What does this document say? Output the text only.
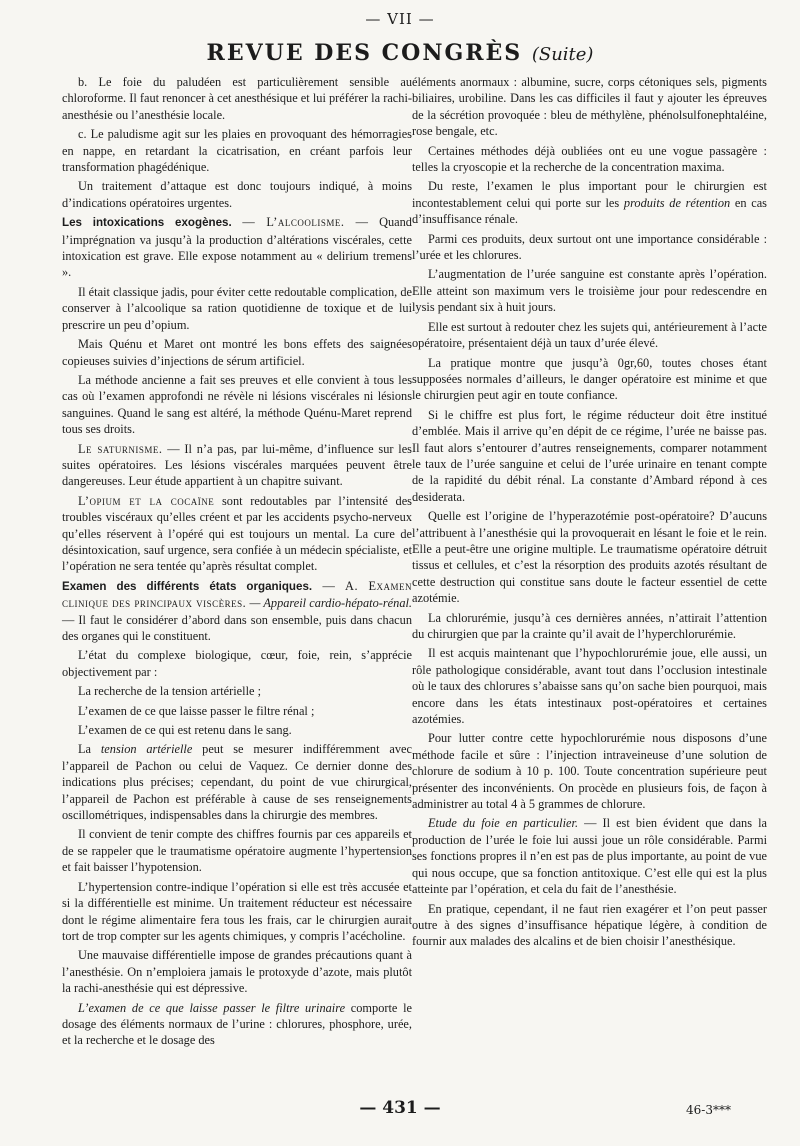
— VII —
REVUE DES CONGRÈS (Suite)

b. Le foie du paludéen est particulièrement sensible au chloroforme. Il faut renoncer à cet anesthésique et lui préférer la rachi-anesthésie ou l’anesthésie locale.

c. Le paludisme agit sur les plaies en provoquant des hémorragies en nappe, en retardant la cicatrisation, en créant parfois leur transformation phagédénique.

Un traitement d’attaque est donc toujours indiqué, à moins d’indications opératoires urgentes.

Les intoxications exogènes. — L’alcoolisme. — Quand l’imprégnation va jusqu’à la production d’altérations viscérales, cette intoxication est grave. Elle expose notamment au « delirium tremens ».

Il était classique jadis, pour éviter cette redoutable complication, de conserver à l’alcoolique sa ration quotidienne de toxique et de lui prescrire un peu d’opium.

Mais Quénu et Maret ont montré les bons effets des saignées copieuses suivies d’injections de sérum artificiel.

La méthode ancienne a fait ses preuves et elle convient à tous les cas où l’examen approfondi ne révèle ni lésions viscérales ni lésions sanguines. Quand le sang est altéré, la méthode Quénu-Maret reprend tous ses droits.

Le saturnisme. — Il n’a pas, par lui-même, d’influence sur les suites opératoires. Les lésions viscérales marquées peuvent être dangereuses. Leur étude appartient à un chapitre suivant.

L’opium et la cocaïne sont redoutables par l’intensité des troubles viscéraux qu’elles créent et par les accidents psycho-nerveux qu’elles réservent à l’opéré qui est toujours un mental. La cure de désintoxication, sauf urgence, sera confiée à un médecin spécialiste, et l’opération ne sera tentée qu’après résultat complet.

Examen des différents états organiques. — A. Examen clinique des principaux viscères. — Appareil cardio-hépato-rénal. — Il faut le considérer d’abord dans son ensemble, puis dans chacun des organes qui le constituent.

L’état du complexe biologique, cœur, foie, rein, s’apprécie objectivement par :

La recherche de la tension artérielle ;

L’examen de ce que laisse passer le filtre rénal ;

L’examen de ce qui est retenu dans le sang.

La tension artérielle peut se mesurer indifféremment avec l’appareil de Pachon ou celui de Vaquez. Ce dernier donne des indications plus précises; cependant, du point de vue chirurgical, l’appareil de Pachon est préférable à cause de ses renseignements oscillométriques, indispensables dans la chirurgie des membres.

Il convient de tenir compte des chiffres fournis par ces appareils et de se rappeler que le traumatisme opératoire augmente l’hypertension et fait baisser l’hypotension.

L’hypertension contre-indique l’opération si elle est très accusée et si la différentielle est minime. Un traitement réducteur est nécessaire dont le régime alimentaire fera tous les frais, car le chirurgien aurait tort de trop compter sur les agents chimiques, y compris l’acécholine.

Une mauvaise différentielle impose de grandes précautions quant à l’anesthésie. On n’emploiera jamais le protoxyde d’azote, mais plutôt la rachi-anesthésie qui est dépressive.

L’examen de ce que laisse passer le filtre urinaire comporte le dosage des éléments normaux de l’urine : chlorures, phosphore, urée, et la recherche et le dosage des

éléments anormaux : albumine, sucre, corps cétoniques sels, pigments biliaires, urobiline. Dans les cas difficiles il faut y ajouter les épreuves de la sécrétion provoquée : bleu de méthylène, phénolsulfonephtaléine, rose bengale, etc.

Certaines méthodes déjà oubliées ont eu une vogue passagère : telles la cryoscopie et la recherche de la concentration maxima.

Du reste, l’examen le plus important pour le chirurgien est incontestablement celui qui porte sur les produits de rétention en cas d’insuffisance rénale.

Parmi ces produits, deux surtout ont une importance considérable : l’urée et les chlorures.

L’augmentation de l’urée sanguine est constante après l’opération. Elle atteint son maximum vers le troisième jour pour redescendre en lysis pendant six à huit jours.

Elle est surtout à redouter chez les sujets qui, antérieurement à l’acte opératoire, présentaient déjà un taux d’urée élevé.

La pratique montre que jusqu’à 0gr,60, toutes choses étant supposées normales d’ailleurs, le danger opératoire est minime et que le chirurgien peut agir en toute confiance.

Si le chiffre est plus fort, le régime réducteur doit être institué d’emblée. Mais il arrive qu’en dépit de ce régime, l’urée ne baisse pas. Il faut alors s’entourer d’autres renseignements, comparer notamment le taux de l’urée sanguine et celui de l’urée urinaire en tenant compte de la rapidité du débit rénal. La constante d’Ambard répond à ces desiderata.

Quelle est l’origine de l’hyperazotémie post-opératoire? D’aucuns l’attribuent à l’anesthésie qui la provoquerait en lésant le foie et le rein. Elle a peut-être une origine multiple. Le traumatisme opératoire détruit tissus et cellules, et c’est la résorption des produits azotés résultant de cette destruction qui constitue sans doute le facteur essentiel de cette azotémie.

La chlorurémie, jusqu’à ces dernières années, n’attirait l’attention du chirurgien que par la crainte qu’il avait de l’hyperchlorurémie.

Il est acquis maintenant que l’hypochlorurémie joue, elle aussi, un rôle pathologique considérable, avant tout dans l’occlusion intestinale où le taux des chlorures s’abaisse sans qu’on sache bien pourquoi, mais encore dans les états intestinaux post-opératoires et certaines azotémies.

Pour lutter contre cette hypochlorurémie nous disposons d’une méthode facile et sûre : l’injection intraveineuse d’une solution de chlorure de sodium à 10 p. 100. Toute concentration supérieure peut présenter des inconvénients. On procède en plusieurs fois, de façon à administrer au total 4 à 5 grammes de chlorure.

Etude du foie en particulier. — Il est bien évident que dans la production de l’urée le foie lui aussi joue un rôle considérable. Parmi ses fonctions propres il n’en est pas de plus importante, au point de vue qui nous occupe, que sa fonction antitoxique. C’est elle qui est la plus atteinte par l’opération, et cela du fait de l’anesthésie.

En pratique, cependant, il ne faut rien exagérer et l’on peut passer outre à des signes d’insuffisance hépatique légère, à condition de fournir aux malades des alcalins et de bien choisir l’anesthésique.

— 431 —	46-3***
